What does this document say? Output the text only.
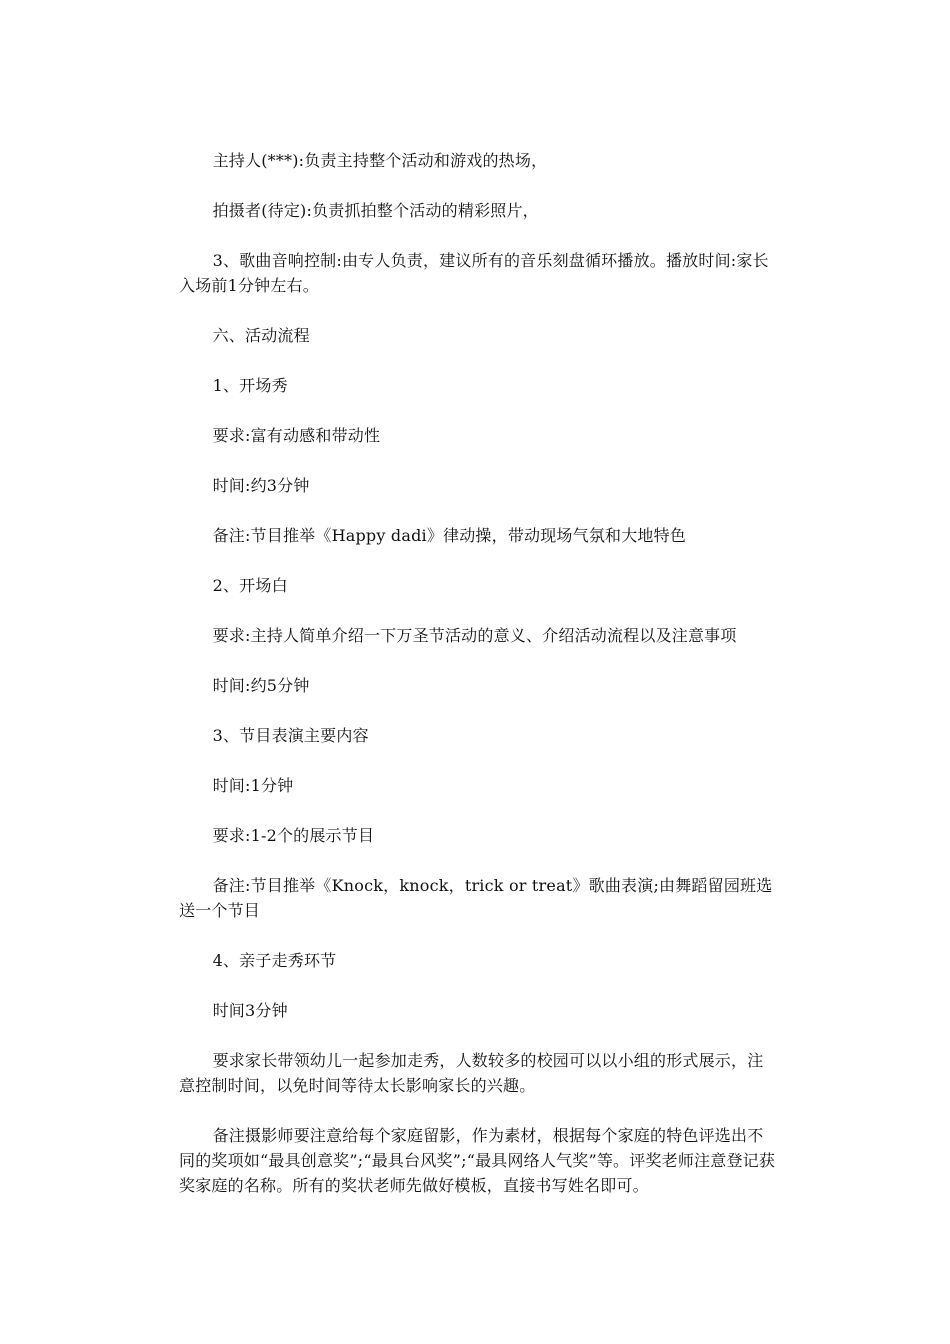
主持人(***):负责主持整个活动和游戏的热场，

拍摄者(待定):负责抓拍整个活动的精彩照片，

3、歌曲音响控制:由专人负责，建议所有的音乐刻盘循环播放。播放时间:家长入场前1分钟左右。

六、活动流程

1、开场秀

要求:富有动感和带动性

时间:约3分钟

备注:节目推举《Happy dadi》律动操，带动现场气氛和大地特色

2、开场白

要求:主持人简单介绍一下万圣节活动的意义、介绍活动流程以及注意事项

时间:约5分钟

3、节目表演主要内容

时间:1分钟

要求:1-2个的展示节目

备注:节目推举《Knock，knock，trick or treat》歌曲表演;由舞蹈留园班选送一个节目

4、亲子走秀环节

时间3分钟

要求家长带领幼儿一起参加走秀，人数较多的校园可以以小组的形式展示，注意控制时间，以免时间等待太长影响家长的兴趣。

备注摄影师要注意给每个家庭留影，作为素材，根据每个家庭的特色评选出不同的奖项如“最具创意奖”;“最具台风奖”;“最具网络人气奖”等。评奖老师注意登记获奖家庭的名称。所有的奖状老师先做好模板，直接书写姓名即可。
